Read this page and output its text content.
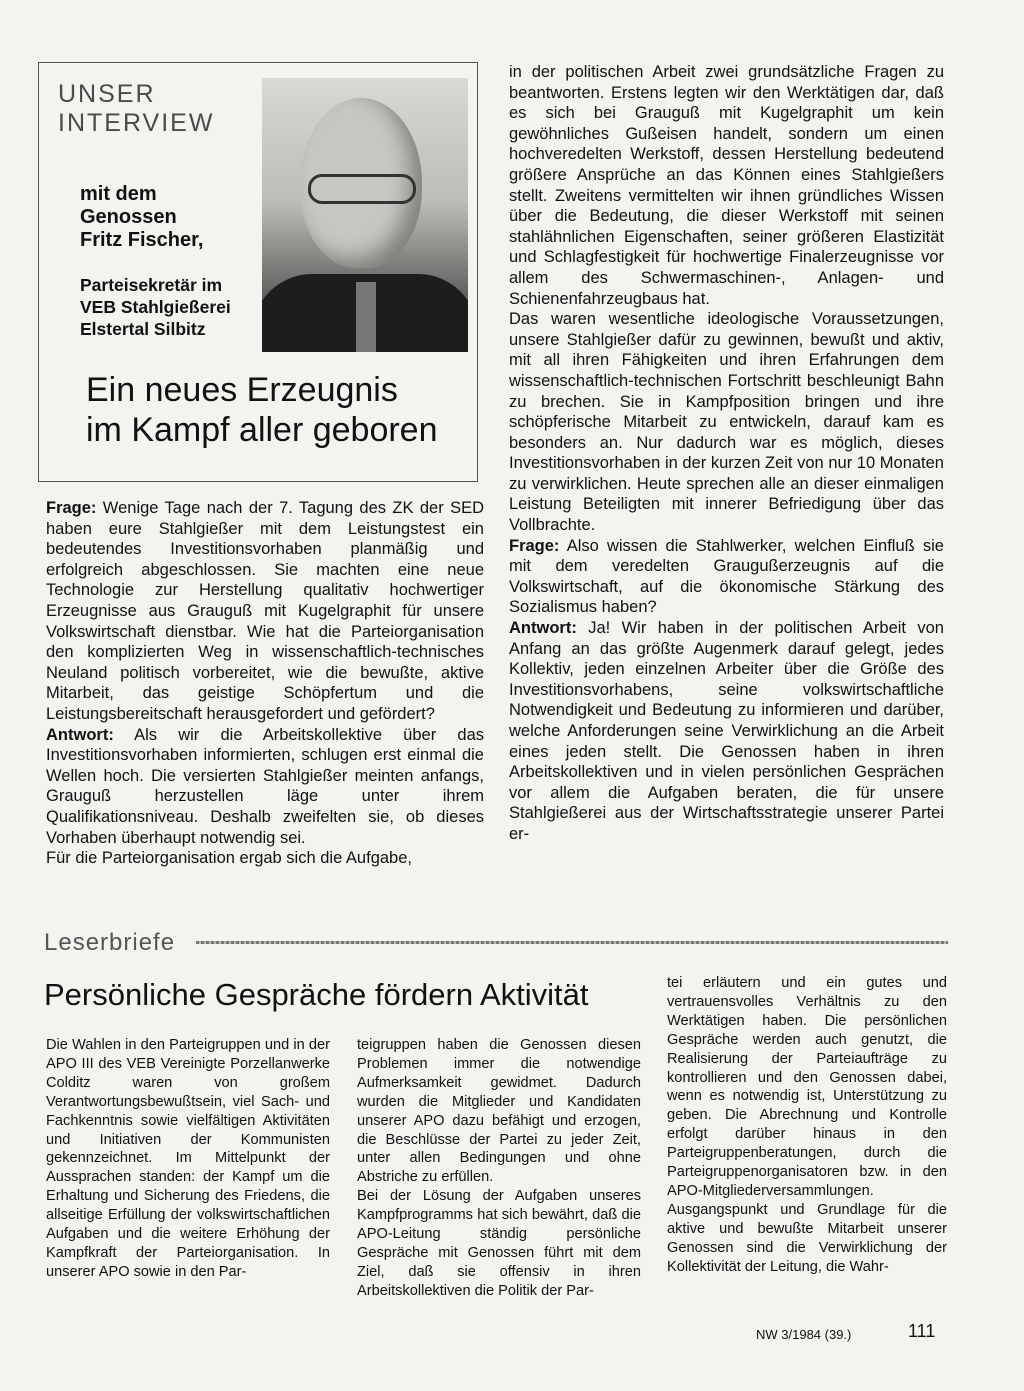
UNSER
INTERVIEW
mit dem
Genossen
Fritz Fischer,
Parteisekretär im
VEB Stahlgießerei
Elstertal Silbitz
Ein neues Erzeugnis
im Kampf aller geboren

Frage: Wenige Tage nach der 7. Tagung des ZK der SED haben eure Stahlgießer mit dem Leistungstest ein bedeutendes Investitionsvorhaben planmäßig und erfolgreich abgeschlossen. Sie machten eine neue Technologie zur Herstellung qualitativ hochwertiger Erzeugnisse aus Grauguß mit Kugelgraphit für unsere Volkswirtschaft dienstbar. Wie hat die Parteiorganisation den komplizierten Weg in wissenschaftlich-technisches Neuland politisch vorbereitet, wie die bewußte, aktive Mitarbeit, das geistige Schöpfertum und die Leistungsbereitschaft herausgefordert und gefördert?

Antwort: Als wir die Arbeitskollektive über das Investitionsvorhaben informierten, schlugen erst einmal die Wellen hoch. Die versierten Stahlgießer meinten anfangs, Grauguß herzustellen läge unter ihrem Qualifikationsniveau. Deshalb zweifelten sie, ob dieses Vorhaben überhaupt notwendig sei.

Für die Parteiorganisation ergab sich die Aufgabe,

in der politischen Arbeit zwei grundsätzliche Fragen zu beantworten. Erstens legten wir den Werktätigen dar, daß es sich bei Grauguß mit Kugelgraphit um kein gewöhnliches Gußeisen handelt, sondern um einen hochveredelten Werkstoff, dessen Herstellung bedeutend größere Ansprüche an das Können eines Stahlgießers stellt. Zweitens vermittelten wir ihnen gründliches Wissen über die Bedeutung, die dieser Werkstoff mit seinen stahlähnlichen Eigenschaften, seiner größeren Elastizität und Schlagfestigkeit für hochwertige Finalerzeugnisse vor allem des Schwermaschinen-, Anlagen- und Schienenfahrzeugbaus hat.

Das waren wesentliche ideologische Voraussetzungen, unsere Stahlgießer dafür zu gewinnen, bewußt und aktiv, mit all ihren Fähigkeiten und ihren Erfahrungen dem wissenschaftlich-technischen Fortschritt beschleunigt Bahn zu brechen. Sie in Kampfposition bringen und ihre schöpferische Mitarbeit zu entwickeln, darauf kam es besonders an. Nur dadurch war es möglich, dieses Investitionsvorhaben in der kurzen Zeit von nur 10 Monaten zu verwirklichen. Heute sprechen alle an dieser einmaligen Leistung Beteiligten mit innerer Befriedigung über das Vollbrachte.

Frage: Also wissen die Stahlwerker, welchen Einfluß sie mit dem veredelten Graugußerzeugnis auf die Volkswirtschaft, auf die ökonomische Stärkung des Sozialismus haben?

Antwort: Ja! Wir haben in der politischen Arbeit von Anfang an das größte Augenmerk darauf gelegt, jedes Kollektiv, jeden einzelnen Arbeiter über die Größe des Investitionsvorhabens, seine volkswirtschaftliche Notwendigkeit und Bedeutung zu informieren und darüber, welche Anforderungen seine Verwirklichung an die Arbeit eines jeden stellt. Die Genossen haben in ihren Arbeitskollektiven und in vielen persönlichen Gesprächen vor allem die Aufgaben beraten, die für unsere Stahlgießerei aus der Wirtschaftsstrategie unserer Partei er-

Leserbriefe
Persönliche Gespräche fördern Aktivität

Die Wahlen in den Parteigruppen und in der APO III des VEB Vereinigte Porzellanwerke Colditz waren von großem Verantwortungsbewußtsein, viel Sach- und Fachkenntnis sowie vielfältigen Aktivitäten und Initiativen der Kommunisten gekennzeichnet. Im Mittelpunkt der Aussprachen standen: der Kampf um die Erhaltung und Sicherung des Friedens, die allseitige Erfüllung der volkswirtschaftlichen Aufgaben und die weitere Erhöhung der Kampfkraft der Parteiorganisation. In unserer APO sowie in den Par-

teigruppen haben die Genossen diesen Problemen immer die notwendige Aufmerksamkeit gewidmet. Dadurch wurden die Mitglieder und Kandidaten unserer APO dazu befähigt und erzogen, die Beschlüsse der Partei zu jeder Zeit, unter allen Bedingungen und ohne Abstriche zu erfüllen.

Bei der Lösung der Aufgaben unseres Kampfprogramms hat sich bewährt, daß die APO-Leitung ständig persönliche Gespräche mit Genossen führt mit dem Ziel, daß sie offensiv in ihren Arbeitskollektiven die Politik der Par-

tei erläutern und ein gutes und vertrauensvolles Verhältnis zu den Werktätigen haben. Die persönlichen Gespräche werden auch genutzt, die Realisierung der Parteiaufträge zu kontrollieren und den Genossen dabei, wenn es notwendig ist, Unterstützung zu geben. Die Abrechnung und Kontrolle erfolgt darüber hinaus in den Parteigruppenberatungen, durch die Parteigruppenorganisatoren bzw. in den APO-Mitgliederversammlungen.

Ausgangspunkt und Grundlage für die aktive und bewußte Mitarbeit unserer Genossen sind die Verwirklichung der Kollektivität der Leitung, die Wahr-

NW 3/1984 (39.)	111
